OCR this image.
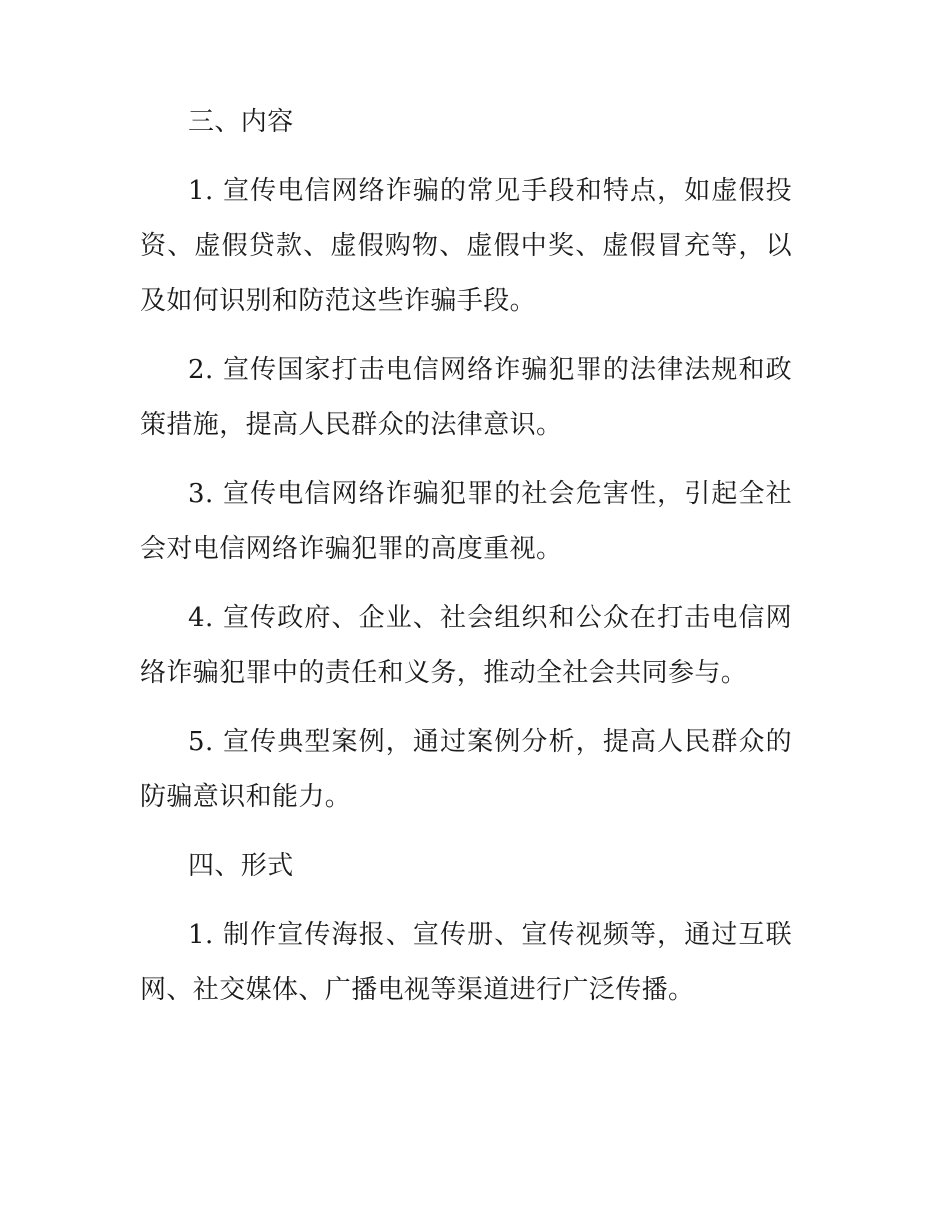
三、内容

1. 宣传电信网络诈骗的常见手段和特点，如虚假投资、虚假贷款、虚假购物、虚假中奖、虚假冒充等，以及如何识别和防范这些诈骗手段。

2. 宣传国家打击电信网络诈骗犯罪的法律法规和政策措施，提高人民群众的法律意识。

3. 宣传电信网络诈骗犯罪的社会危害性，引起全社会对电信网络诈骗犯罪的高度重视。

4. 宣传政府、企业、社会组织和公众在打击电信网络诈骗犯罪中的责任和义务，推动全社会共同参与。

5. 宣传典型案例，通过案例分析，提高人民群众的防骗意识和能力。

四、形式

1. 制作宣传海报、宣传册、宣传视频等，通过互联网、社交媒体、广播电视等渠道进行广泛传播。
